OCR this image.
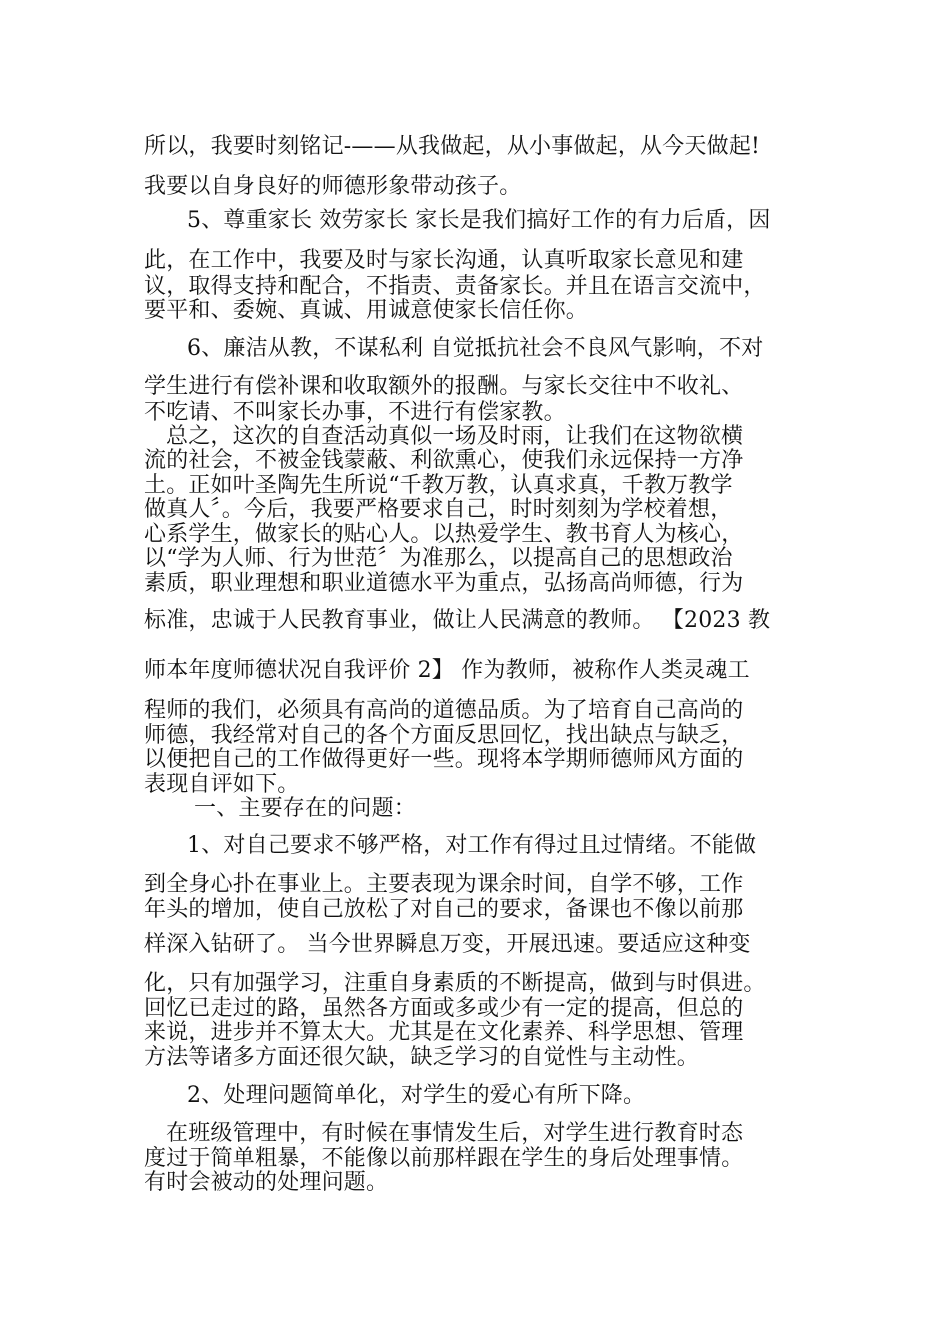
所以，我要时刻铭记-——从我做起，从小事做起，从今天做起!
我要以自身良好的师德形象带动孩子。
5、尊重家长 效劳家长 家长是我们搞好工作的有力后盾，因
此，在工作中，我要及时与家长沟通，认真听取家长意见和建
议，取得支持和配合，不指责、责备家长。并且在语言交流中，
要平和、委婉、真诚、用诚意使家长信任你。
6、廉洁从教，不谋私利 自觉抵抗社会不良风气影响，不对
学生进行有偿补课和收取额外的报酬。与家长交往中不收礼、
不吃请、不叫家长办事，不进行有偿家教。
总之，这次的自查活动真似一场及时雨，让我们在这物欲横
流的社会，不被金钱蒙蔽、利欲熏心，使我们永远保持一方净
土。正如叶圣陶先生所说“千教万教，认真求真，千教万教学
做真人〞。今后，我要严格要求自己，时时刻刻为学校着想，
心系学生，做家长的贴心人。以热爱学生、教书育人为核心，
以“学为人师、行为世范〞为准那么，以提高自己的思想政治
素质，职业理想和职业道德水平为重点，弘扬高尚师德，行为
标准，忠诚于人民教育事业，做让人民满意的教师。 【2023 教
师本年度师德状况自我评价 2】 作为教师，被称作人类灵魂工
程师的我们，必须具有高尚的道德品质。为了培育自己高尚的
师德，我经常对自己的各个方面反思回忆，找出缺点与缺乏，
以便把自己的工作做得更好一些。现将本学期师德师风方面的
表现自评如下。
一、主要存在的问题：
1、对自己要求不够严格，对工作有得过且过情绪。不能做
到全身心扑在事业上。主要表现为课余时间，自学不够，工作
年头的增加，使自己放松了对自己的要求，备课也不像以前那
样深入钻研了。 当今世界瞬息万变，开展迅速。要适应这种变
化，只有加强学习，注重自身素质的不断提高，做到与时俱进。
回忆已走过的路，虽然各方面或多或少有一定的提高，但总的
来说，进步并不算太大。尤其是在文化素养、科学思想、管理
方法等诸多方面还很欠缺，缺乏学习的自觉性与主动性。
2、处理问题简单化，对学生的爱心有所下降。
在班级管理中，有时候在事情发生后，对学生进行教育时态
度过于简单粗暴，不能像以前那样跟在学生的身后处理事情。
有时会被动的处理问题。
